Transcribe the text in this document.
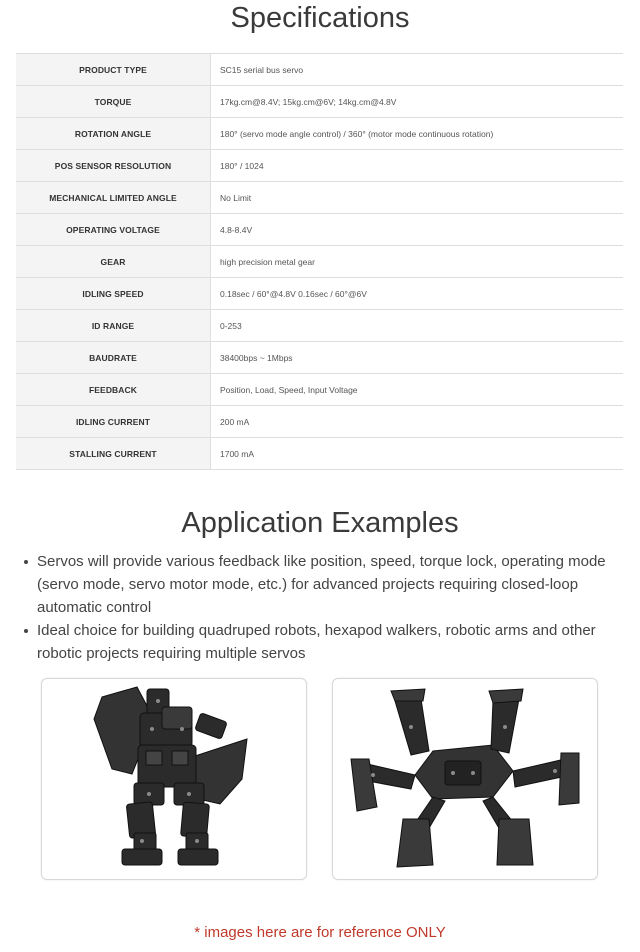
Specifications
PRODUCT TYPE	SC15 serial bus servo
TORQUE	17kg.cm@8.4V; 15kg.cm@6V; 14kg.cm@4.8V
ROTATION ANGLE	180° (servo mode angle control) / 360° (motor mode continuous rotation)
POS SENSOR RESOLUTION	180° / 1024
MECHANICAL LIMITED ANGLE	No Limit
OPERATING VOLTAGE	4.8-8.4V
GEAR	high precision metal gear
IDLING SPEED	0.18sec / 60°@4.8V 0.16sec / 60°@6V
ID RANGE	0-253
BAUDRATE	38400bps ~ 1Mbps
FEEDBACK	Position, Load, Speed, Input Voltage
IDLING CURRENT	200 mA
STALLING CURRENT	1700 mA
Application Examples
Servos will provide various feedback like position, speed, torque lock, operating mode (servo mode, servo motor mode, etc.) for advanced projects requiring closed-loop automatic control
Ideal choice for building quadruped robots, hexapod walkers, robotic arms and other robotic projects requiring multiple servos
* images here are for reference ONLY
